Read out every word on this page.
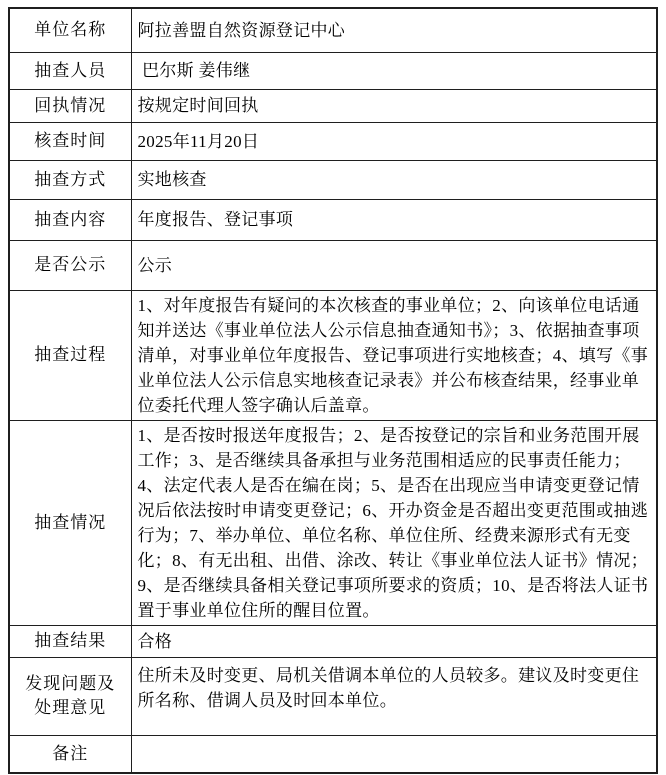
单位名称	阿拉善盟自然资源登记中心
抽查人员	巴尔斯 姜伟继
回执情况	按规定时间回执
核查时间	2025年11月20日
抽查方式	实地核查
抽查内容	年度报告、登记事项
是否公示	公示
抽查过程	1、对年度报告有疑问的本次核查的事业单位；2、向该单位电话通知并送达《事业单位法人公示信息抽查通知书》；3、依据抽查事项清单，对事业单位年度报告、登记事项进行实地核查；4、填写《事业单位法人公示信息实地核查记录表》并公布核查结果，经事业单位委托代理人签字确认后盖章。
抽查情况	1、是否按时报送年度报告；2、是否按登记的宗旨和业务范围开展工作；3、是否继续具备承担与业务范围相适应的民事责任能力；4、法定代表人是否在编在岗；5、是否在出现应当申请变更登记情况后依法按时申请变更登记；6、开办资金是否超出变更范围或抽逃行为；7、举办单位、单位名称、单位住所、经费来源形式有无变化；8、有无出租、出借、涂改、转让《事业单位法人证书》情况；9、是否继续具备相关登记事项所要求的资质；10、是否将法人证书置于事业单位住所的醒目位置。
抽查结果	合格
发现问题及处理意见	住所未及时变更、局机关借调本单位的人员较多。建议及时变更住所名称、借调人员及时回本单位。
备注	
